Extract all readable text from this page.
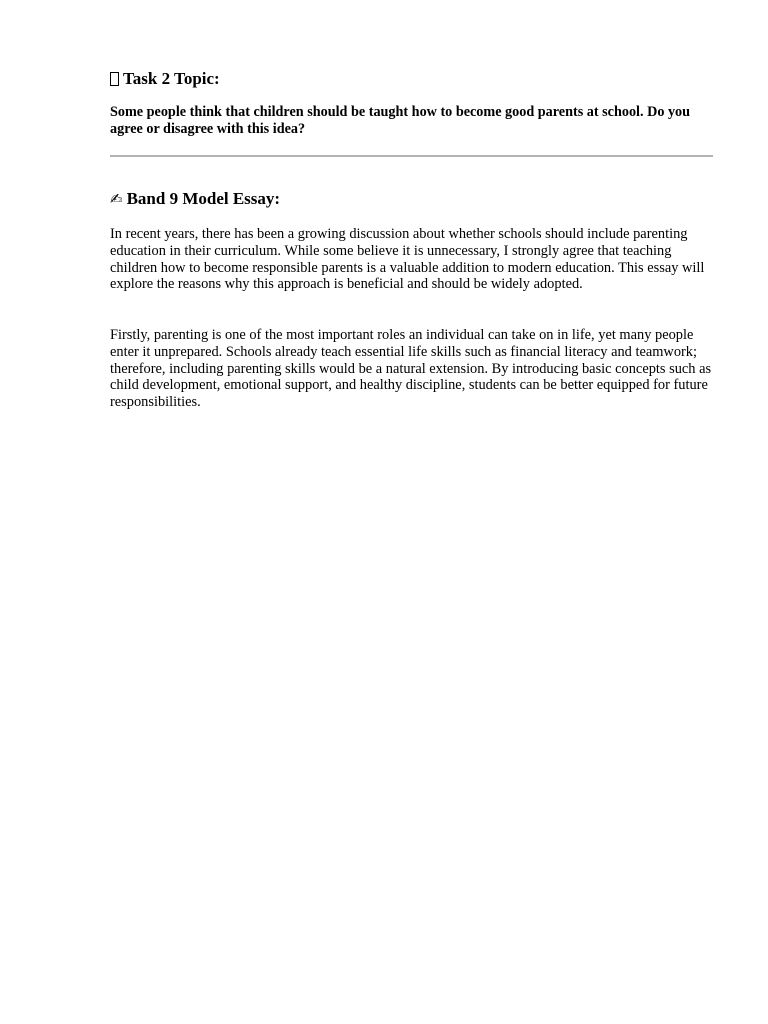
Task 2 Topic:

Some people think that children should be taught how to become good parents at school. Do you agree or disagree with this idea?

✍ Band 9 Model Essay:

In recent years, there has been a growing discussion about whether schools should include parenting education in their curriculum. While some believe it is unnecessary, I strongly agree that teaching children how to become responsible parents is a valuable addition to modern education. This essay will explore the reasons why this approach is beneficial and should be widely adopted.

Firstly, parenting is one of the most important roles an individual can take on in life, yet many people enter it unprepared. Schools already teach essential life skills such as financial literacy and teamwork; therefore, including parenting skills would be a natural extension. By introducing basic concepts such as child development, emotional support, and healthy discipline, students can be better equipped for future responsibilities.
